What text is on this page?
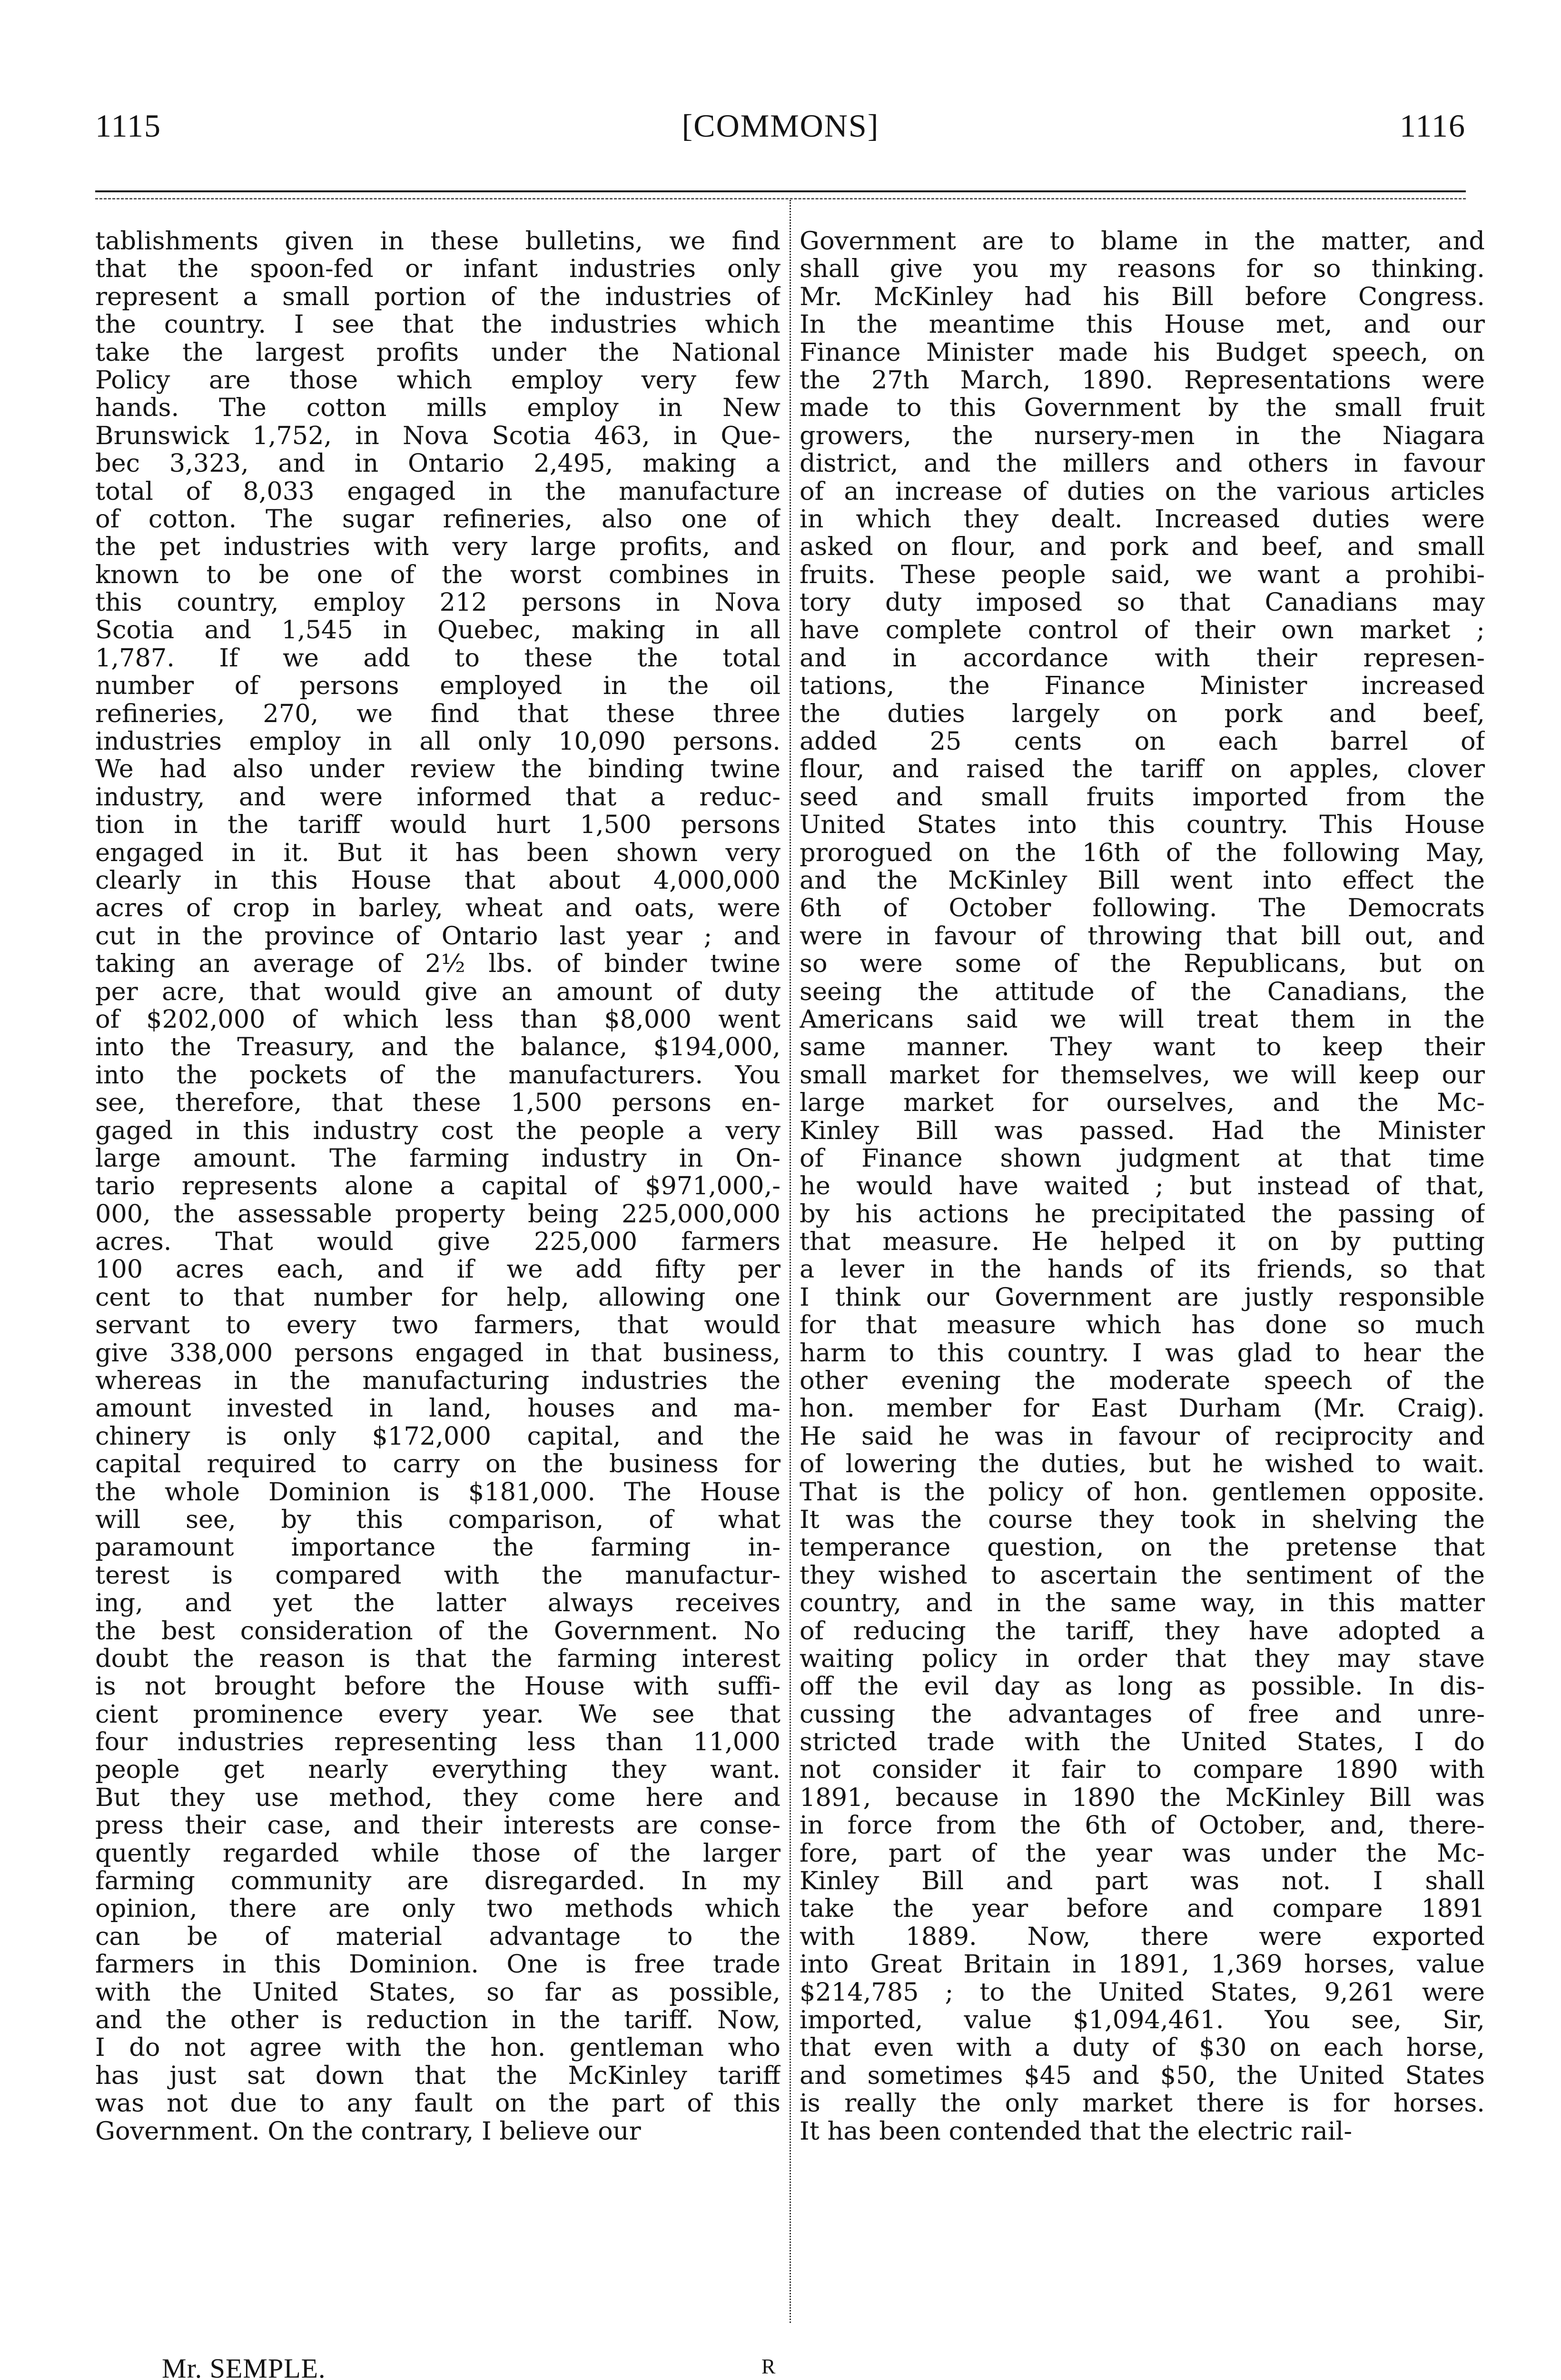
1115	[COMMONS]	1116
tablishments given in these bulletins, we find
that the spoon-fed or infant industries only
represent a small portion of the industries of
the country. I see that the industries which
take the largest profits under the National
Policy are those which employ very few
hands. The cotton mills employ in New
Brunswick 1,752, in Nova Scotia 463, in Que-
bec 3,323, and in Ontario 2,495, making a
total of 8,033 engaged in the manufacture
of cotton. The sugar refineries, also one of
the pet industries with very large profits, and
known to be one of the worst combines in
this country, employ 212 persons in Nova
Scotia and 1,545 in Quebec, making in all
1,787. If we add to these the total
number of persons employed in the oil
refineries, 270, we find that these three
industries employ in all only 10,090 persons.
We had also under review the binding twine
industry, and were informed that a reduc-
tion in the tariff would hurt 1,500 persons
engaged in it. But it has been shown very
clearly in this House that about 4,000,000
acres of crop in barley, wheat and oats, were
cut in the province of Ontario last year ; and
taking an average of 2½ lbs. of binder twine
per acre, that would give an amount of duty
of $202,000 of which less than $8,000 went
into the Treasury, and the balance, $194,000,
into the pockets of the manufacturers. You
see, therefore, that these 1,500 persons en-
gaged in this industry cost the people a very
large amount. The farming industry in On-
tario represents alone a capital of $971,000,-
000, the assessable property being 225,000,000
acres. That would give 225,000 farmers
100 acres each, and if we add fifty per
cent to that number for help, allowing one
servant to every two farmers, that would
give 338,000 persons engaged in that business,
whereas in the manufacturing industries the
amount invested in land, houses and ma-
chinery is only $172,000 capital, and the
capital required to carry on the business for
the whole Dominion is $181,000. The House
will see, by this comparison, of what
paramount importance the farming in-
terest is compared with the manufactur-
ing, and yet the latter always receives
the best consideration of the Government. No
doubt the reason is that the farming interest
is not brought before the House with suffi-
cient prominence every year. We see that
four industries representing less than 11,000
people get nearly everything they want.
But they use method, they come here and
press their case, and their interests are conse-
quently regarded while those of the larger
farming community are disregarded. In my
opinion, there are only two methods which
can be of material advantage to the
farmers in this Dominion. One is free trade
with the United States, so far as possible,
and the other is reduction in the tariff. Now,
I do not agree with the hon. gentleman who
has just sat down that the McKinley tariff
was not due to any fault on the part of this
Government. On the contrary, I believe our
Government are to blame in the matter, and
shall give you my reasons for so thinking.
Mr. McKinley had his Bill before Congress.
In the meantime this House met, and our
Finance Minister made his Budget speech, on
the 27th March, 1890. Representations were
made to this Government by the small fruit
growers, the nursery-men in the Niagara
district, and the millers and others in favour
of an increase of duties on the various articles
in which they dealt. Increased duties were
asked on flour, and pork and beef, and small
fruits. These people said, we want a prohibi-
tory duty imposed so that Canadians may
have complete control of their own market ;
and in accordance with their represen-
tations, the Finance Minister increased
the duties largely on pork and beef,
added 25 cents on each barrel of
flour, and raised the tariff on apples, clover
seed and small fruits imported from the
United States into this country. This House
prorogued on the 16th of the following May,
and the McKinley Bill went into effect the
6th of October following. The Democrats
were in favour of throwing that bill out, and
so were some of the Republicans, but on
seeing the attitude of the Canadians, the
Americans said we will treat them in the
same manner. They want to keep their
small market for themselves, we will keep our
large market for ourselves, and the Mc-
Kinley Bill was passed. Had the Minister
of Finance shown judgment at that time
he would have waited ; but instead of that,
by his actions he precipitated the passing of
that measure. He helped it on by putting
a lever in the hands of its friends, so that
I think our Government are justly responsible
for that measure which has done so much
harm to this country. I was glad to hear the
other evening the moderate speech of the
hon. member for East Durham (Mr. Craig).
He said he was in favour of reciprocity and
of lowering the duties, but he wished to wait.
That is the policy of hon. gentlemen opposite.
It was the course they took in shelving the
temperance question, on the pretense that
they wished to ascertain the sentiment of the
country, and in the same way, in this matter
of reducing the tariff, they have adopted a
waiting policy in order that they may stave
off the evil day as long as possible. In dis-
cussing the advantages of free and unre-
stricted trade with the United States, I do
not consider it fair to compare 1890 with
1891, because in 1890 the McKinley Bill was
in force from the 6th of October, and, there-
fore, part of the year was under the Mc-
Kinley Bill and part was not. I shall
take the year before and compare 1891
with 1889. Now, there were exported
into Great Britain in 1891, 1,369 horses, value
$214,785 ; to the United States, 9,261 were
imported, value $1,094,461. You see, Sir,
that even with a duty of $30 on each horse,
and sometimes $45 and $50, the United States
is really the only market there is for horses.
It has been contended that the electric rail-
Mr. SEMPLE.	R
